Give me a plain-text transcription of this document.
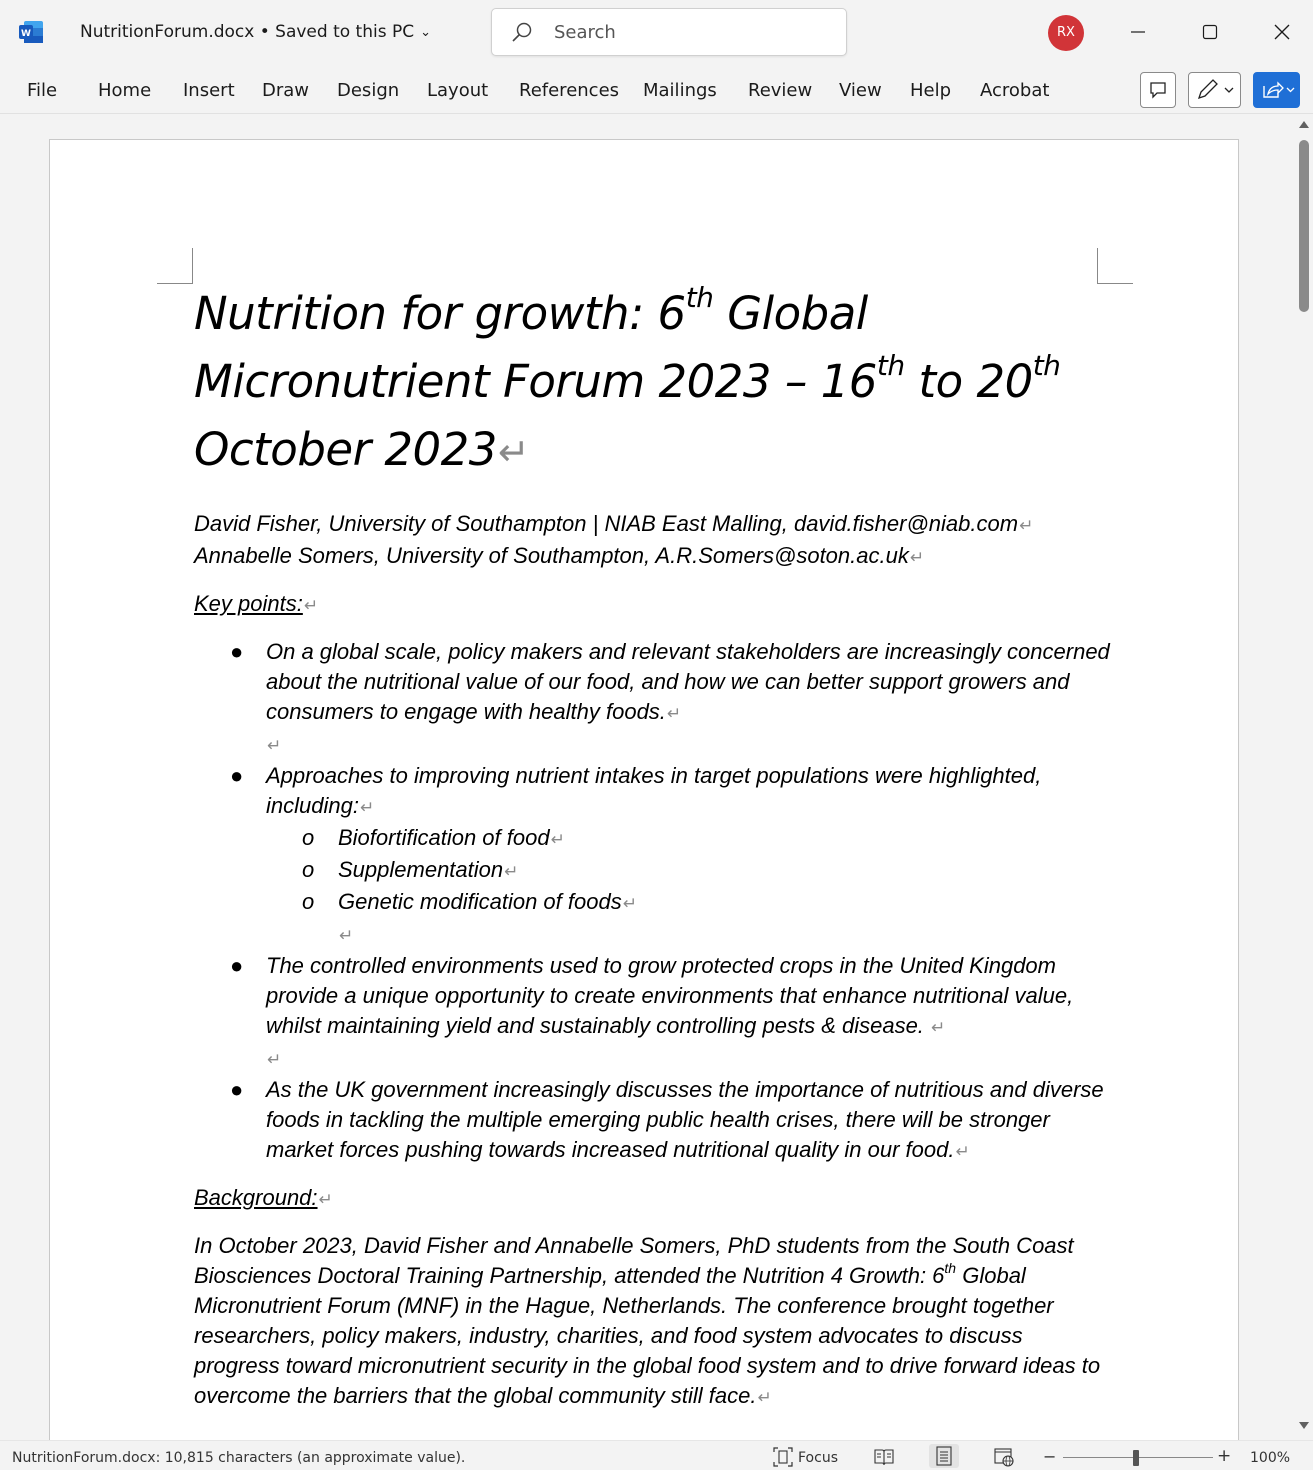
W	NutritionForum.docx • Saved to this PC ⌄	Search	RX
File Home Insert Draw Design Layout References Mailings Review View Help Acrobat
Nutrition for growth: 6th Global
Micronutrient Forum 2023 – 16th to 20th
October 2023↵
David Fisher, University of Southampton | NIAB East Malling, david.fisher@niab.com↵
Annabelle Somers, University of Southampton, A.R.Somers@soton.ac.uk↵
Key points:↵
● On a global scale, policy makers and relevant stakeholders are increasingly concerned about the nutritional value of our food, and how we can better support growers and consumers to engage with healthy foods.↵
↵
● Approaches to improving nutrient intakes in target populations were highlighted, including:↵
o Biofortification of food↵
o Supplementation↵
o Genetic modification of foods↵
↵
● The controlled environments used to grow protected crops in the United Kingdom provide a unique opportunity to create environments that enhance nutritional value, whilst maintaining yield and sustainably controlling pests & disease. ↵
↵
● As the UK government increasingly discusses the importance of nutritious and diverse foods in tackling the multiple emerging public health crises, there will be stronger market forces pushing towards increased nutritional quality in our food.↵
Background:↵
In October 2023, David Fisher and Annabelle Somers, PhD students from the South Coast Biosciences Doctoral Training Partnership, attended the Nutrition 4 Growth: 6th Global Micronutrient Forum (MNF) in the Hague, Netherlands. The conference brought together researchers, policy makers, industry, charities, and food system advocates to discuss progress toward micronutrient security in the global food system and to drive forward ideas to overcome the barriers that the global community still face.↵
NutritionForum.docx: 10,815 characters (an approximate value).	Focus	−	+ 100%
